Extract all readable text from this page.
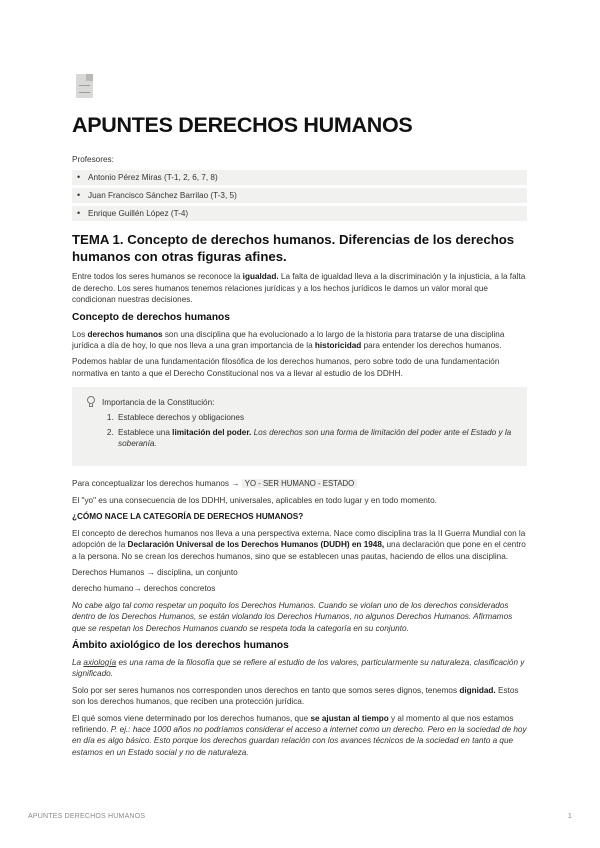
APUNTES DERECHOS HUMANOS
Profesores:
• Antonio Pérez Miras (T-1, 2, 6, 7, 8)
• Juan Francisco Sánchez Barrilao (T-3, 5)
• Enrique Guillén López (T-4)
TEMA 1. Concepto de derechos humanos. Diferencias de los derechos humanos con otras figuras afines.
Entre todos los seres humanos se reconoce la igualdad. La falta de igualdad lleva a la discriminación y la injusticia, a la falta de derecho. Los seres humanos tenemos relaciones jurídicas y a los hechos jurídicos le damos un valor moral que condicionan nuestras decisiones.
Concepto de derechos humanos
Los derechos humanos son una disciplina que ha evolucionado a lo largo de la historia para tratarse de una disciplina jurídica a día de hoy, lo que nos lleva a una gran importancia de la historicidad para entender los derechos humanos.
Podemos hablar de una fundamentación filosófica de los derechos humanos, pero sobre todo de una fundamentación normativa en tanto a que el Derecho Constitucional nos va a llevar al estudio de los DDHH.
Importancia de la Constitución:
1. Establece derechos y obligaciones
2. Establece una limitación del poder. Los derechos son una forma de limitación del poder ante el Estado y la soberanía.
Para conceptualizar los derechos humanos → YO - SER HUMANO - ESTADO
El "yo" es una consecuencia de los DDHH, universales, aplicables en todo lugar y en todo momento.
¿CÓMO NACE LA CATEGORÍA DE DERECHOS HUMANOS?
El concepto de derechos humanos nos lleva a una perspectiva externa. Nace como disciplina tras la II Guerra Mundial con la adopción de la Declaración Universal de los Derechos Humanos (DUDH) en 1948, una declaración que pone en el centro a la persona. No se crean los derechos humanos, sino que se establecen unas pautas, haciendo de ellos una disciplina.
Derechos Humanos → disciplina, un conjunto
derecho humano→ derechos concretos
No cabe algo tal como respetar un poquito los Derechos Humanos. Cuando se violan uno de los derechos considerados dentro de los Derechos Humanos, se están violando los Derechos Humanos, no algunos Derechos Humanos. Afirmamos que se respetan los Derechos Humanos cuando se respeta toda la categoría en su conjunto.
Ámbito axiológico de los derechos humanos
La axiología es una rama de la filosofía que se refiere al estudio de los valores, particularmente su naturaleza, clasificación y significado.
Solo por ser seres humanos nos corresponden unos derechos en tanto que somos seres dignos, tenemos dignidad. Estos son los derechos humanos, que reciben una protección jurídica.
El qué somos viene determinado por los derechos humanos, que se ajustan al tiempo y al momento al que nos estamos refiriendo. P. ej.: hace 1000 años no podríamos considerar el acceso a internet como un derecho. Pero en la sociedad de hoy en día es algo básico. Esto porque los derechos guardan relación con los avances técnicos de la sociedad en tanto a que estamos en un Estado social y no de naturaleza.
APUNTES DERECHOS HUMANOS	1
